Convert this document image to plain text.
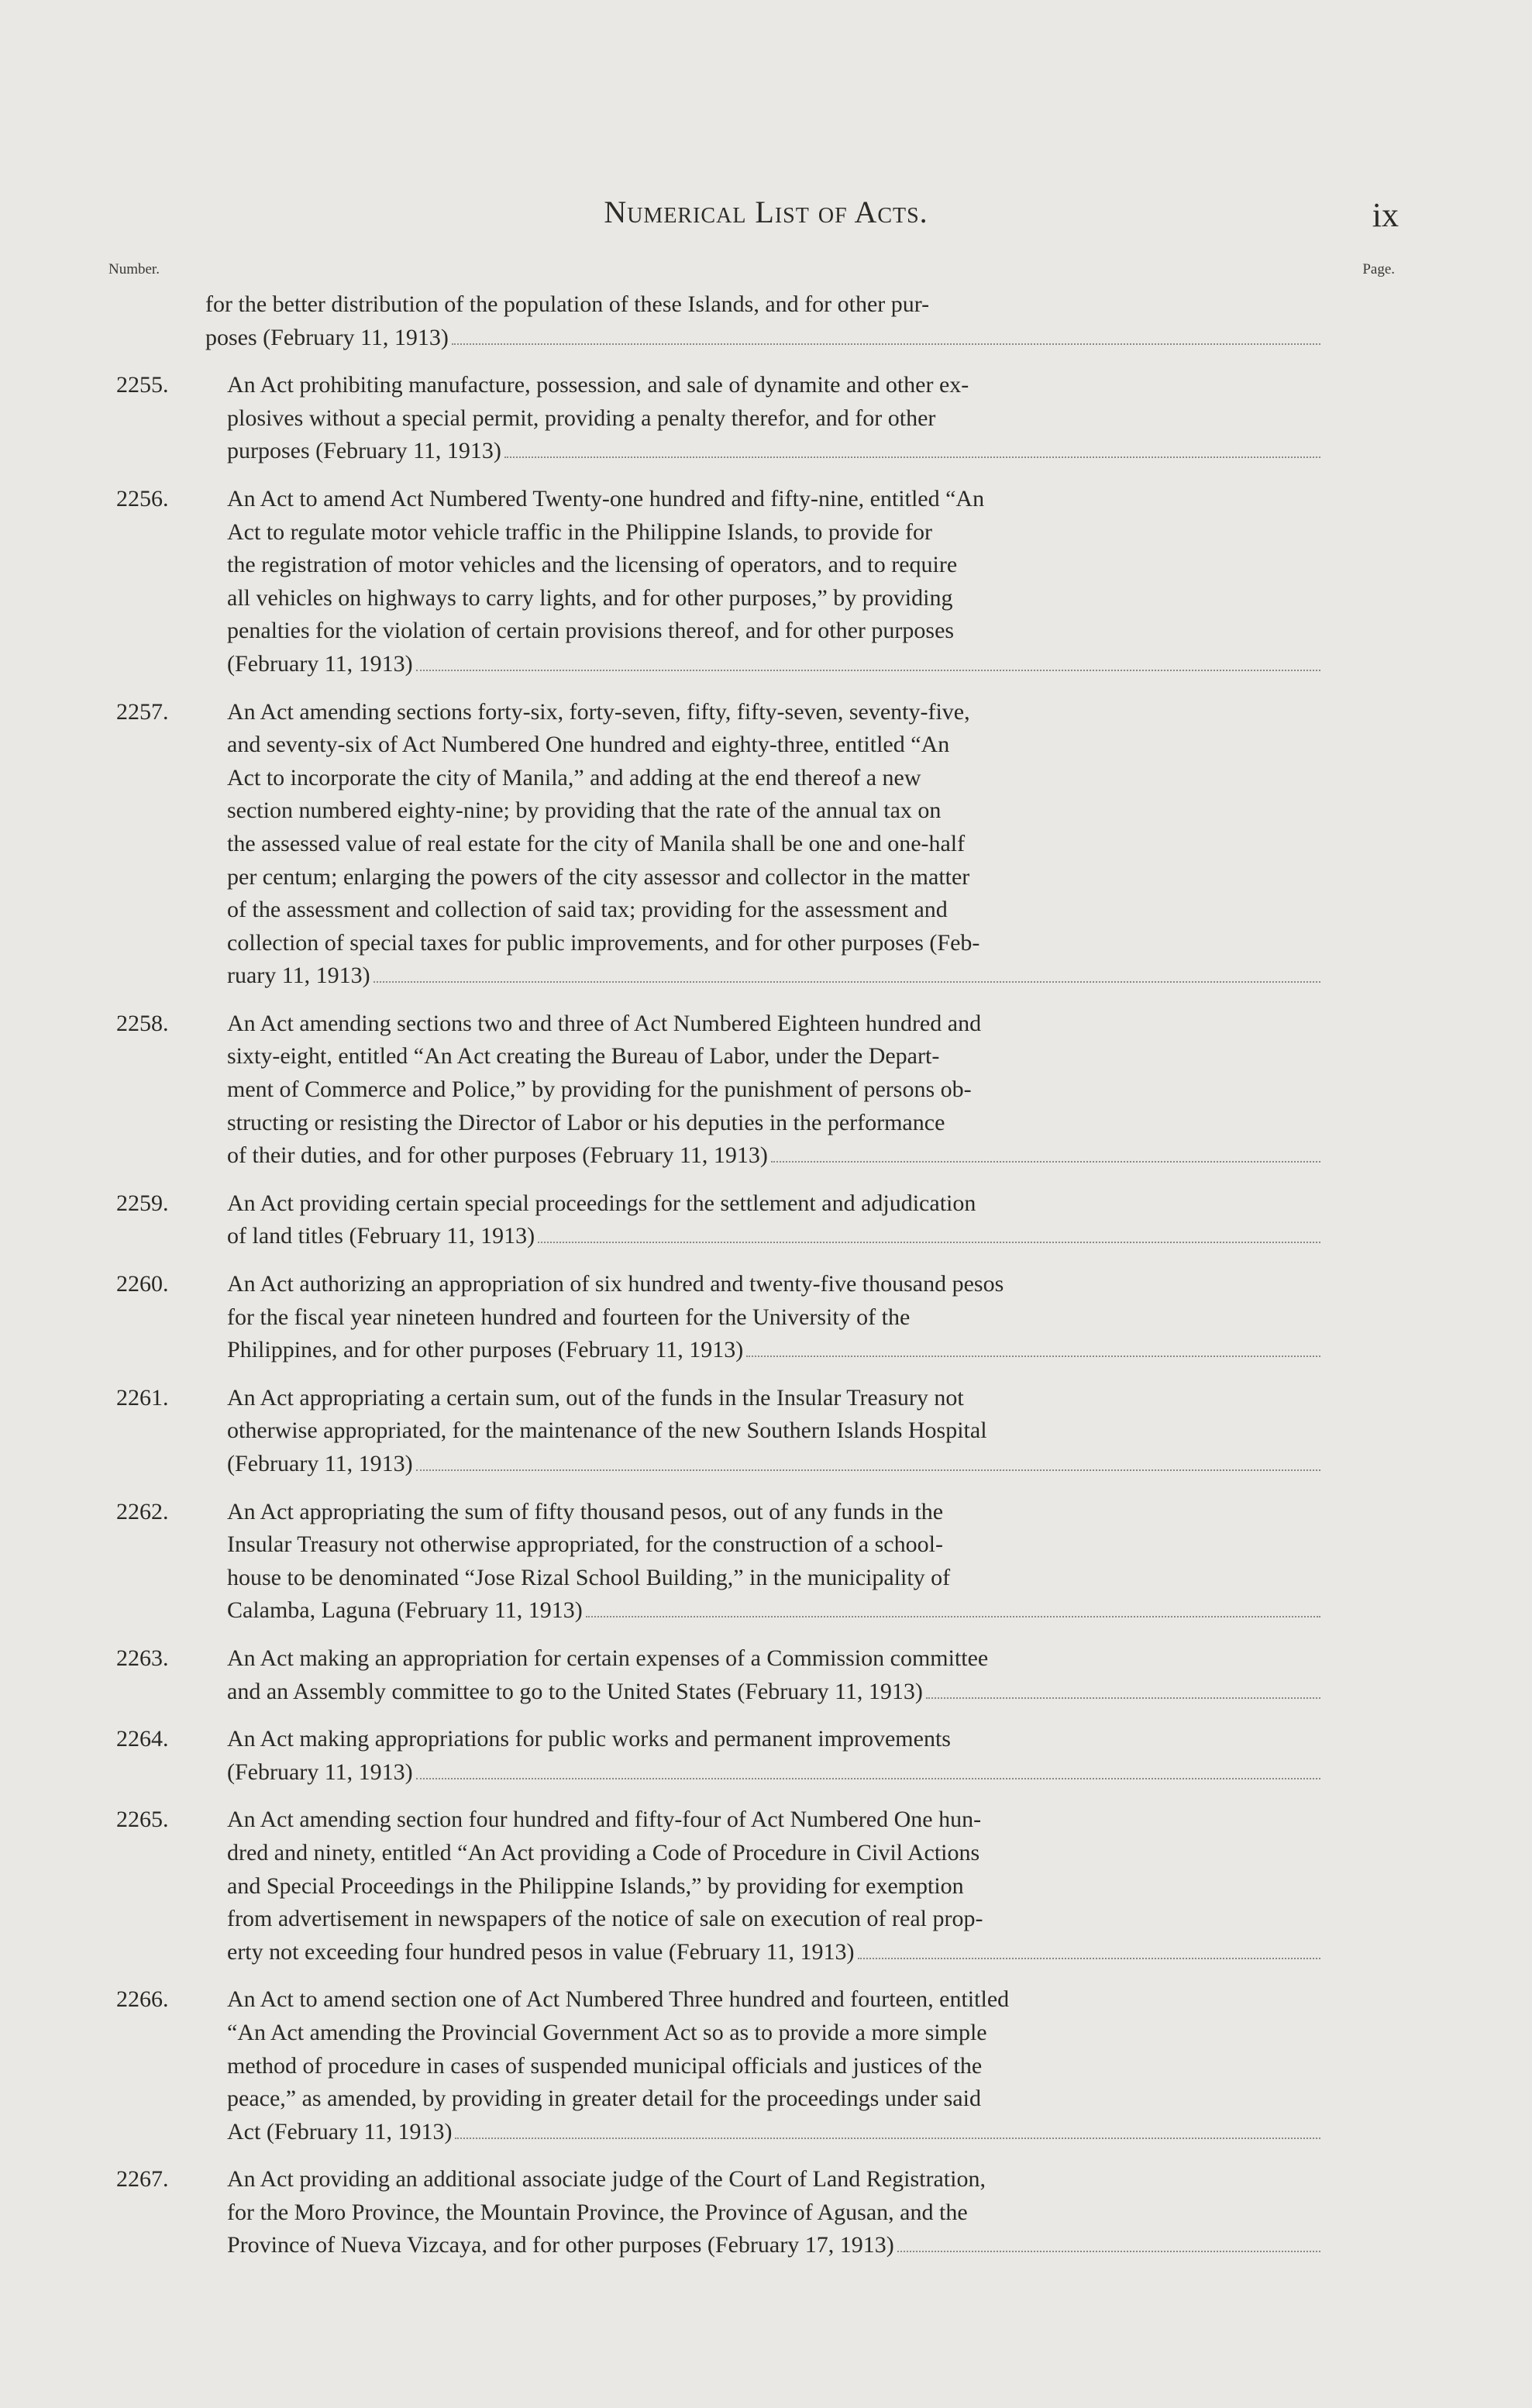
Numerical List of Acts.	ix
Number.	Page.
for the better distribution of the population of these Islands, and for other pur-
poses (February 11, 1913)
2255.	An Act prohibiting manufacture, possession, and sale of dynamite and other ex-
plosives without a special permit, providing a penalty therefor, and for other
purposes (February 11, 1913)
2256.	An Act to amend Act Numbered Twenty-one hundred and fifty-nine, entitled “An
Act to regulate motor vehicle traffic in the Philippine Islands, to provide for
the registration of motor vehicles and the licensing of operators, and to require
all vehicles on highways to carry lights, and for other purposes,” by providing
penalties for the violation of certain provisions thereof, and for other purposes
(February 11, 1913)
2257.	An Act amending sections forty-six, forty-seven, fifty, fifty-seven, seventy-five,
and seventy-six of Act Numbered One hundred and eighty-three, entitled “An
Act to incorporate the city of Manila,” and adding at the end thereof a new
section numbered eighty-nine; by providing that the rate of the annual tax on
the assessed value of real estate for the city of Manila shall be one and one-half
per centum; enlarging the powers of the city assessor and collector in the matter
of the assessment and collection of said tax; providing for the assessment and
collection of special taxes for public improvements, and for other purposes (Feb-
ruary 11, 1913)
2258.	An Act amending sections two and three of Act Numbered Eighteen hundred and
sixty-eight, entitled “An Act creating the Bureau of Labor, under the Depart-
ment of Commerce and Police,” by providing for the punishment of persons ob-
structing or resisting the Director of Labor or his deputies in the performance
of their duties, and for other purposes (February 11, 1913)
2259.	An Act providing certain special proceedings for the settlement and adjudication
of land titles (February 11, 1913)
2260.	An Act authorizing an appropriation of six hundred and twenty-five thousand pesos
for the fiscal year nineteen hundred and fourteen for the University of the
Philippines, and for other purposes (February 11, 1913)
2261.	An Act appropriating a certain sum, out of the funds in the Insular Treasury not
otherwise appropriated, for the maintenance of the new Southern Islands Hospital
(February 11, 1913)
2262.	An Act appropriating the sum of fifty thousand pesos, out of any funds in the
Insular Treasury not otherwise appropriated, for the construction of a school-
house to be denominated “Jose Rizal School Building,” in the municipality of
Calamba, Laguna (February 11, 1913)
2263.	An Act making an appropriation for certain expenses of a Commission committee
and an Assembly committee to go to the United States (February 11, 1913)
2264.	An Act making appropriations for public works and permanent improvements
(February 11, 1913)
2265.	An Act amending section four hundred and fifty-four of Act Numbered One hun-
dred and ninety, entitled “An Act providing a Code of Procedure in Civil Actions
and Special Proceedings in the Philippine Islands,” by providing for exemption
from advertisement in newspapers of the notice of sale on execution of real prop-
erty not exceeding four hundred pesos in value (February 11, 1913)
2266.	An Act to amend section one of Act Numbered Three hundred and fourteen, entitled
“An Act amending the Provincial Government Act so as to provide a more simple
method of procedure in cases of suspended municipal officials and justices of the
peace,” as amended, by providing in greater detail for the proceedings under said
Act (February 11, 1913)
2267.	An Act providing an additional associate judge of the Court of Land Registration,
for the Moro Province, the Mountain Province, the Province of Agusan, and the
Province of Nueva Vizcaya, and for other purposes (February 17, 1913)
